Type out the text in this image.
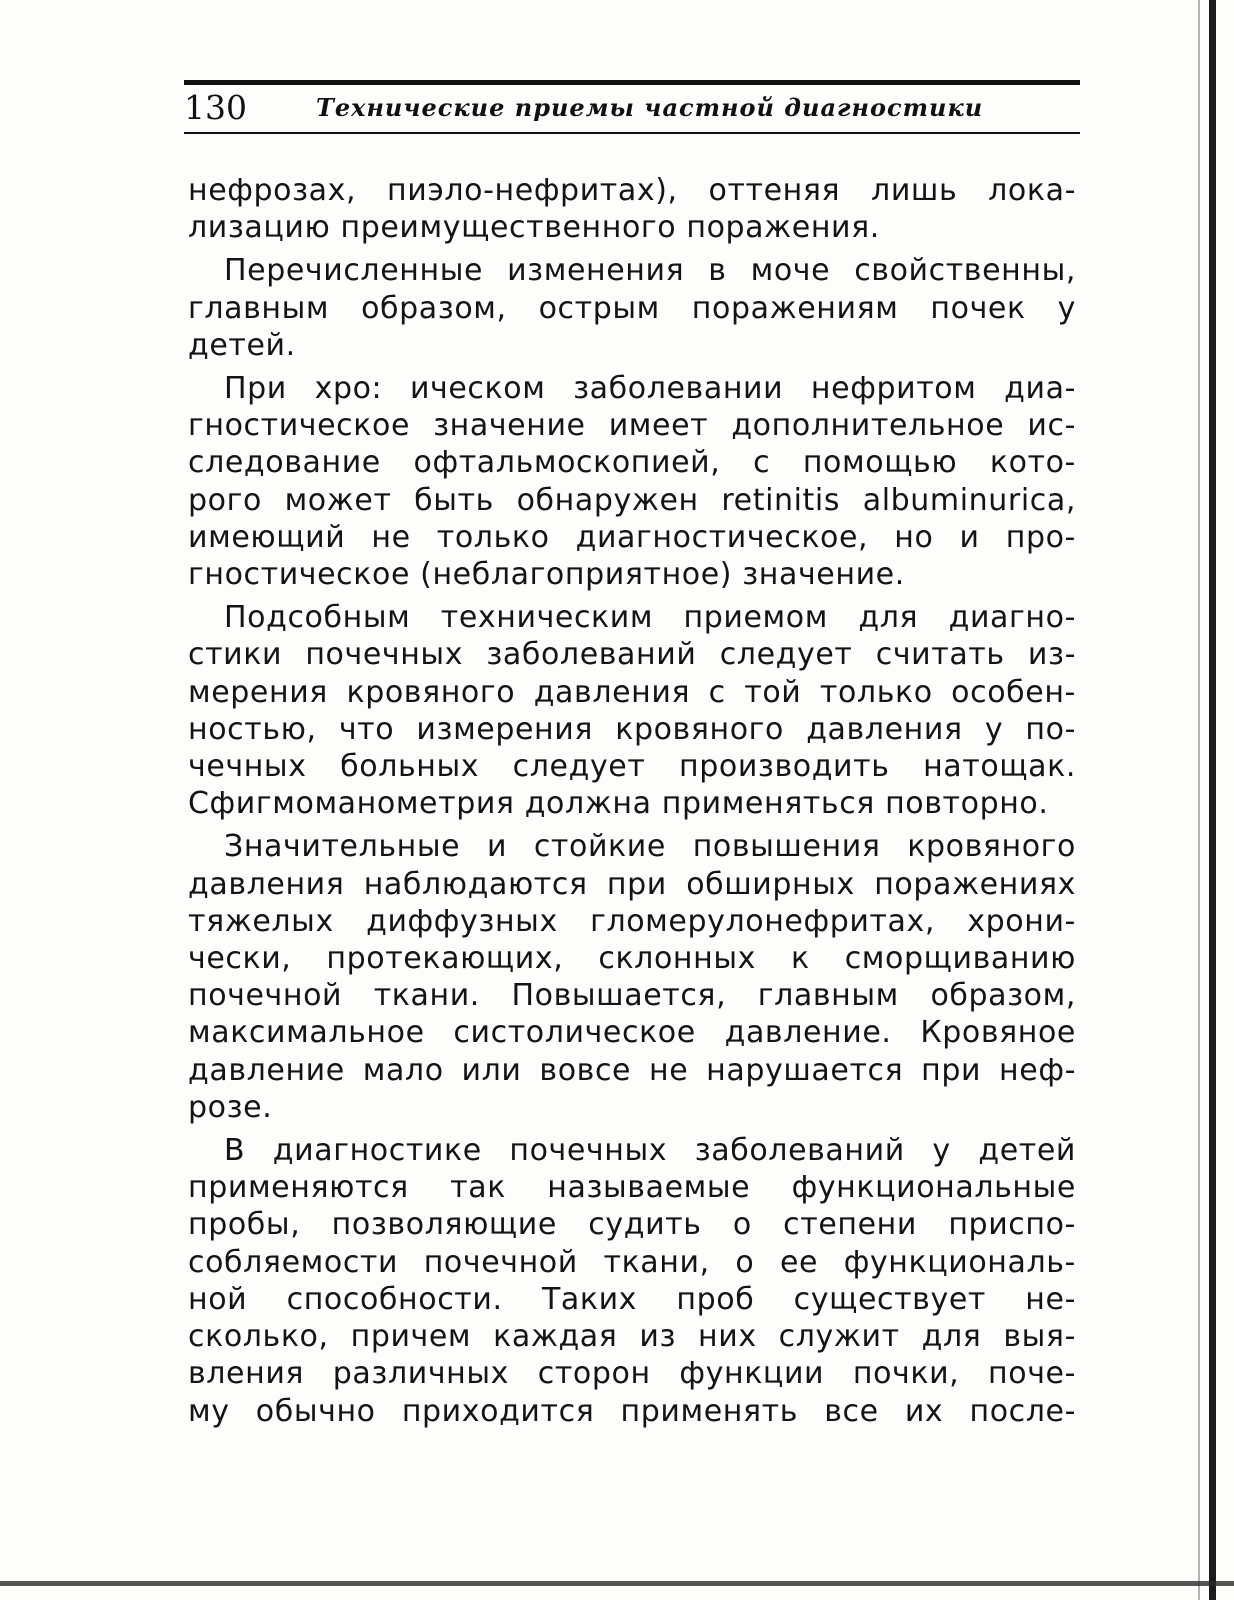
130	Технические приемы частной диагностики
нефрозах, пиэло-нефритах), оттеняя лишь лока-
лизацию преимущественного поражения.
Перечисленные изменения в моче свойственны,
главным образом, острым поражениям почек у
детей.
При хро: ическом заболевании нефритом диа-
гностическое значение имеет дополнительное ис-
следование офтальмоскопией, с помощью кото-
рого может быть обнаружен retinitis albuminurica,
имеющий не только диагностическое, но и про-
гностическое (неблагоприятное) значение.
Подсобным техническим приемом для диагно-
стики почечных заболеваний следует считать из-
мерения кровяного давления с той только особен-
ностью, что измерения кровяного давления у по-
чечных больных следует производить натощак.
Сфигмоманометрия должна применяться повторно.
Значительные и стойкие повышения кровяного
давления наблюдаются при обширных поражениях
тяжелых диффузных гломерулонефритах, хрони-
чески, протекающих, склонных к сморщиванию
почечной ткани. Повышается, главным образом,
максимальное систолическое давление. Кровяное
давление мало или вовсе не нарушается при неф-
розе.
В диагностике почечных заболеваний у детей
применяются так называемые функциональные
пробы, позволяющие судить о степени приспо-
собляемости почечной ткани, о ее функциональ-
ной способности. Таких проб существует не-
сколько, причем каждая из них служит для выя-
вления различных сторон функции почки, поче-
му обычно приходится применять все их после-
